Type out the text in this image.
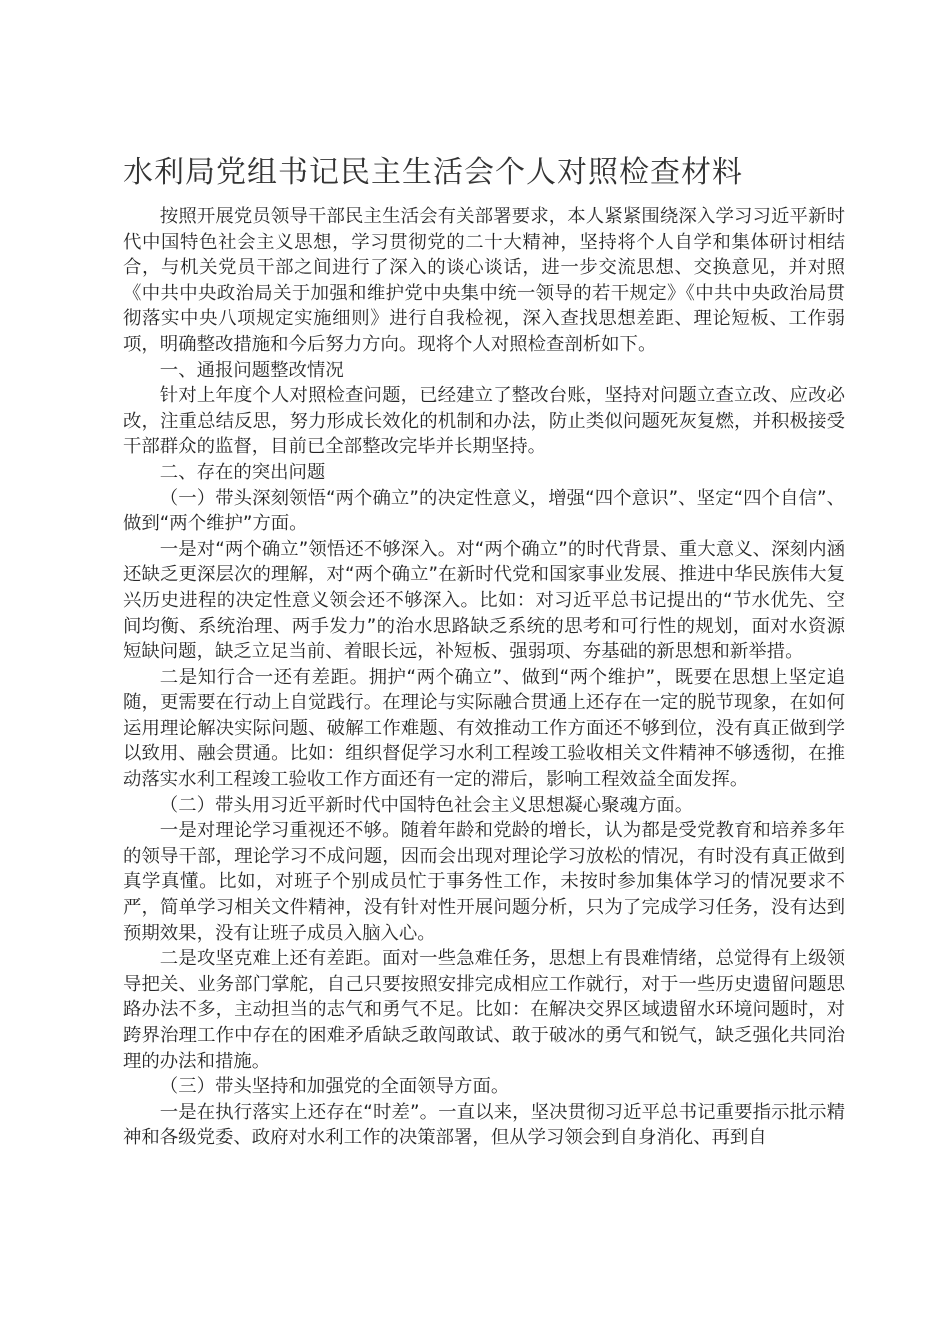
水利局党组书记民主生活会个人对照检查材料

按照开展党员领导干部民主生活会有关部署要求，本人紧紧围绕深入学习习近平新时代中国特色社会主义思想，学习贯彻党的二十大精神，坚持将个人自学和集体研讨相结合，与机关党员干部之间进行了深入的谈心谈话，进一步交流思想、交换意见，并对照《中共中央政治局关于加强和维护党中央集中统一领导的若干规定》《中共中央政治局贯彻落实中央八项规定实施细则》进行自我检视，深入查找思想差距、理论短板、工作弱项，明确整改措施和今后努力方向。现将个人对照检查剖析如下。

一、通报问题整改情况

针对上年度个人对照检查问题，已经建立了整改台账，坚持对问题立查立改、应改必改，注重总结反思，努力形成长效化的机制和办法，防止类似问题死灰复燃，并积极接受干部群众的监督，目前已全部整改完毕并长期坚持。

二、存在的突出问题

（一）带头深刻领悟“两个确立”的决定性意义，增强“四个意识”、坚定“四个自信”、做到“两个维护”方面。

一是对“两个确立”领悟还不够深入。对“两个确立”的时代背景、重大意义、深刻内涵还缺乏更深层次的理解，对“两个确立”在新时代党和国家事业发展、推进中华民族伟大复兴历史进程的决定性意义领会还不够深入。比如：对习近平总书记提出的“节水优先、空间均衡、系统治理、两手发力”的治水思路缺乏系统的思考和可行性的规划，面对水资源短缺问题，缺乏立足当前、着眼长远，补短板、强弱项、夯基础的新思想和新举措。

二是知行合一还有差距。拥护“两个确立”、做到“两个维护”，既要在思想上坚定追随，更需要在行动上自觉践行。在理论与实际融合贯通上还存在一定的脱节现象，在如何运用理论解决实际问题、破解工作难题、有效推动工作方面还不够到位，没有真正做到学以致用、融会贯通。比如：组织督促学习水利工程竣工验收相关文件精神不够透彻，在推动落实水利工程竣工验收工作方面还有一定的滞后，影响工程效益全面发挥。

（二）带头用习近平新时代中国特色社会主义思想凝心聚魂方面。

一是对理论学习重视还不够。随着年龄和党龄的增长，认为都是受党教育和培养多年的领导干部，理论学习不成问题，因而会出现对理论学习放松的情况，有时没有真正做到真学真懂。比如，对班子个别成员忙于事务性工作，未按时参加集体学习的情况要求不严，简单学习相关文件精神，没有针对性开展问题分析，只为了完成学习任务，没有达到预期效果，没有让班子成员入脑入心。

二是攻坚克难上还有差距。面对一些急难任务，思想上有畏难情绪，总觉得有上级领导把关、业务部门掌舵，自己只要按照安排完成相应工作就行，对于一些历史遗留问题思路办法不多，主动担当的志气和勇气不足。比如：在解决交界区域遗留水环境问题时，对跨界治理工作中存在的困难矛盾缺乏敢闯敢试、敢于破冰的勇气和锐气，缺乏强化共同治理的办法和措施。

（三）带头坚持和加强党的全面领导方面。

一是在执行落实上还存在“时差”。一直以来，坚决贯彻习近平总书记重要指示批示精神和各级党委、政府对水利工作的决策部署，但从学习领会到自身消化、再到自
